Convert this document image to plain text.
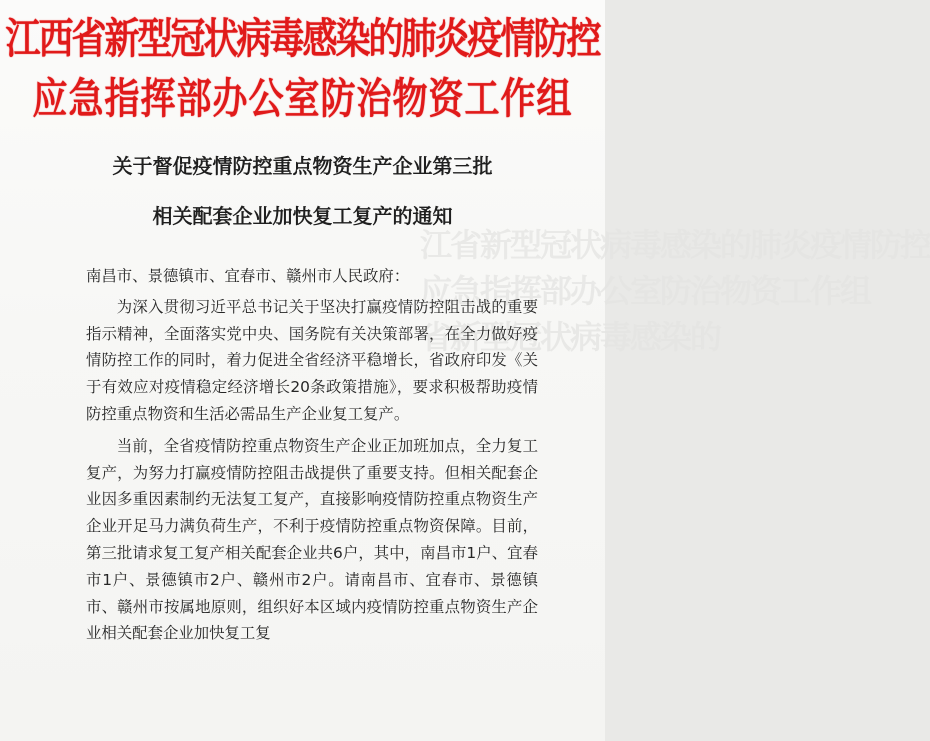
江省新型冠状病毒感染的肺炎疫情防控
应急指挥部办公室防治物资工作组
省新型冠状病毒感染的
江西省新型冠状病毒感染的肺炎疫情防控
应急指挥部办公室防治物资工作组
关于督促疫情防控重点物资生产企业第三批
相关配套企业加快复工复产的通知

南昌市、景德镇市、宜春市、赣州市人民政府：

为深入贯彻习近平总书记关于坚决打赢疫情防控阻击战的重要指示精神，全面落实党中央、国务院有关决策部署，在全力做好疫情防控工作的同时，着力促进全省经济平稳增长，省政府印发《关于有效应对疫情稳定经济增长20条政策措施》，要求积极帮助疫情防控重点物资和生活必需品生产企业复工复产。

当前，全省疫情防控重点物资生产企业正加班加点，全力复工复产，为努力打赢疫情防控阻击战提供了重要支持。但相关配套企业因多重因素制约无法复工复产，直接影响疫情防控重点物资生产企业开足马力满负荷生产，不利于疫情防控重点物资保障。目前，第三批请求复工复产相关配套企业共6户，其中，南昌市1户、宜春市1户、景德镇市2户、赣州市2户。请南昌市、宜春市、景德镇市、赣州市按属地原则，组织好本区域内疫情防控重点物资生产企业相关配套企业加快复工复
